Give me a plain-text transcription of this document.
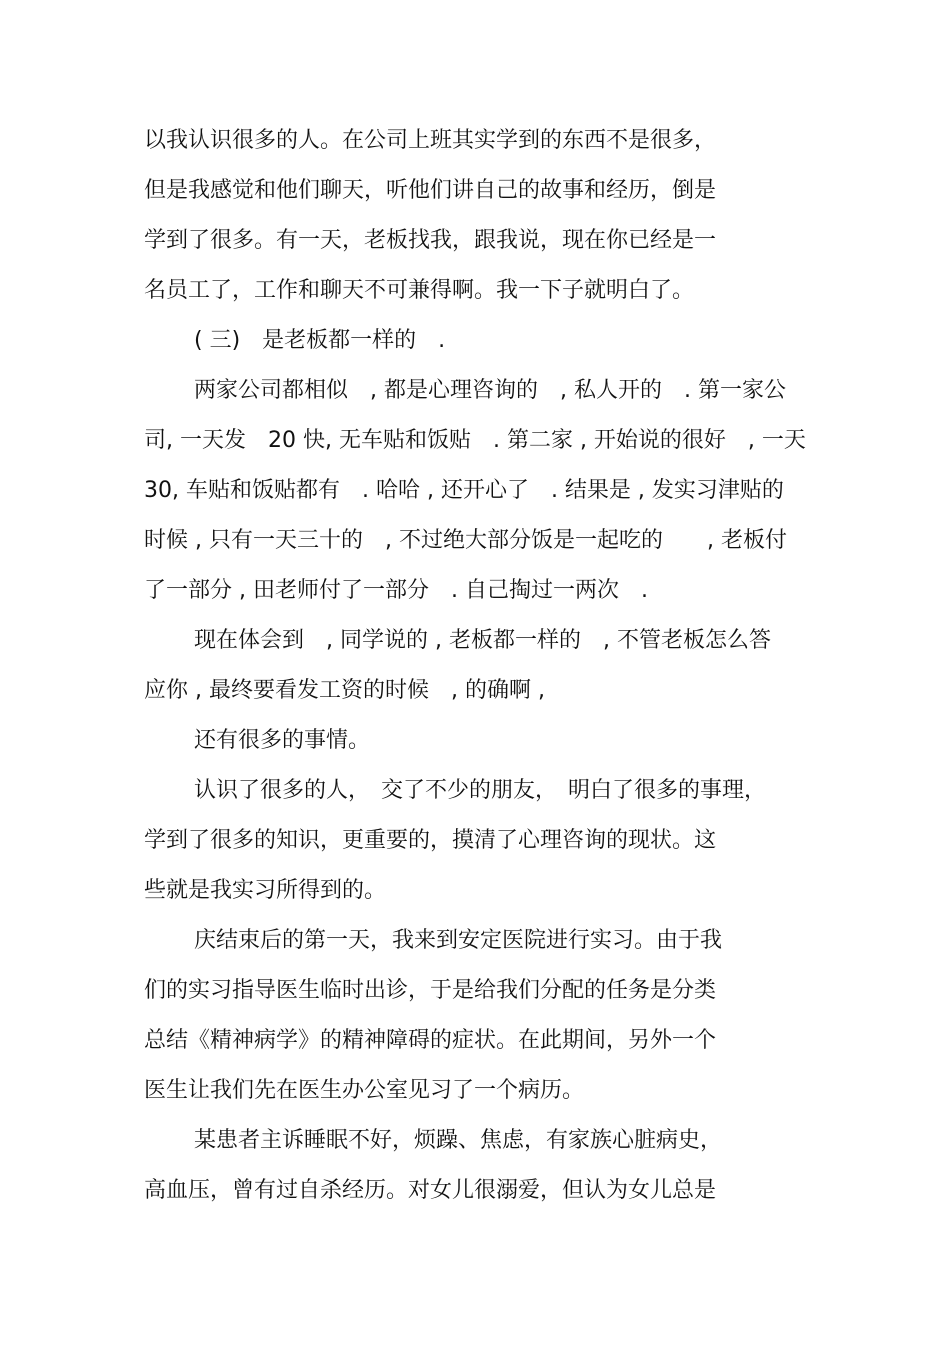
以我认识很多的人。在公司上班其实学到的东西不是很多，
但是我感觉和他们聊天，听他们讲自己的故事和经历，倒是
学到了很多。有一天，老板找我，跟我说，现在你已经是一
名员工了，工作和聊天不可兼得啊。我一下子就明白了。
( 三)　是老板都一样的　.
两家公司都相似　, 都是心理咨询的　, 私人开的　. 第一家公
司, 一天发　20 快, 无车贴和饭贴　. 第二家 , 开始说的很好　, 一天
30, 车贴和饭贴都有　. 哈哈 , 还开心了　. 结果是 , 发实习津贴的
时候 , 只有一天三十的　, 不过绝大部分饭是一起吃的　　, 老板付
了一部分 , 田老师付了一部分　. 自己掏过一两次　.
现在体会到　, 同学说的 , 老板都一样的　, 不管老板怎么答
应你 , 最终要看发工资的时候　, 的确啊 ,
还有很多的事情。
认识了很多的人，　交了不少的朋友，　明白了很多的事理，
学到了很多的知识，更重要的，摸清了心理咨询的现状。这
些就是我实习所得到的。
庆结束后的第一天，我来到安定医院进行实习。由于我
们的实习指导医生临时出诊，于是给我们分配的任务是分类
总结《精神病学》的精神障碍的症状。在此期间，另外一个
医生让我们先在医生办公室见习了一个病历。
某患者主诉睡眠不好，烦躁、焦虑，有家族心脏病史，
高血压，曾有过自杀经历。对女儿很溺爱，但认为女儿总是
